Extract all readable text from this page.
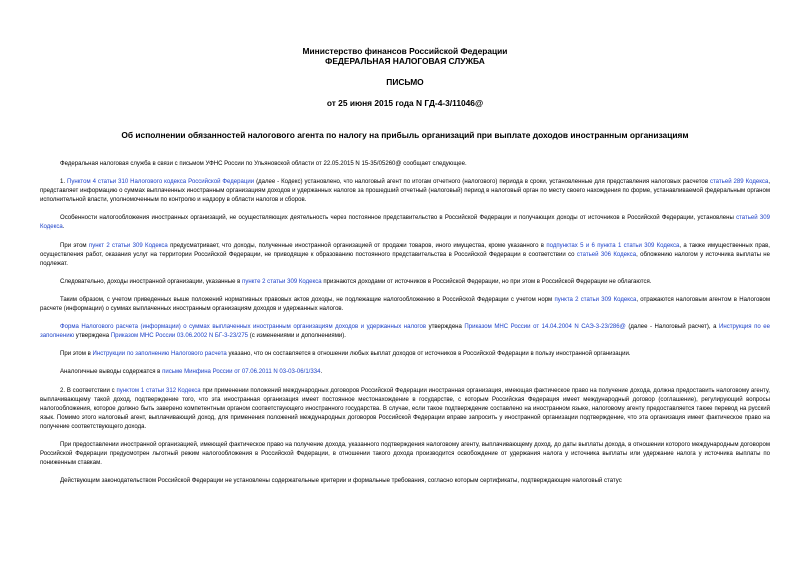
Министерство финансов Российской Федерации
ФЕДЕРАЛЬНАЯ НАЛОГОВАЯ СЛУЖБА
ПИСЬМО
от 25 июня 2015 года N ГД-4-3/11046@
Об исполнении обязанностей налогового агента по налогу на прибыль организаций при выплате доходов иностранным организациям

Федеральная налоговая служба в связи с письмом УФНС России по Ульяновской области от 22.05.2015 N 15-35/05260@ сообщает следующее.

1. Пунктом 4 статьи 310 Налогового кодекса Российской Федерации (далее - Кодекс) установлено, что налоговый агент по итогам отчетного (налогового) периода в сроки, установленные для представления налоговых расчетов статьей 289 Кодекса, представляет информацию о суммах выплаченных иностранным организациям доходов и удержанных налогов за прошедший отчетный (налоговый) период в налоговый орган по месту своего нахождения по форме, устанавливаемой федеральным органом исполнительной власти, уполномоченным по контролю и надзору в области налогов и сборов.

Особенности налогообложения иностранных организаций, не осуществляющих деятельность через постоянное представительство в Российской Федерации и получающих доходы от источников в Российской Федерации, установлены статьей 309 Кодекса.

При этом пункт 2 статьи 309 Кодекса предусматривает, что доходы, полученные иностранной организацией от продажи товаров, иного имущества, кроме указанного в подпунктах 5 и 6 пункта 1 статьи 309 Кодекса, а также имущественных прав, осуществления работ, оказания услуг на территории Российской Федерации, не приводящие к образованию постоянного представительства в Российской Федерации в соответствии со статьей 306 Кодекса, обложению налогом у источника выплаты не подлежат.

Следовательно, доходы иностранной организации, указанные в пункте 2 статьи 309 Кодекса признаются доходами от источников в Российской Федерации, но при этом в Российской Федерации не облагаются.

Таким образом, с учетом приведенных выше положений нормативных правовых актов доходы, не подлежащие налогообложению в Российской Федерации с учетом норм пункта 2 статьи 309 Кодекса, отражаются налоговым агентом в Налоговом расчете (информации) о суммах выплаченных иностранным организациям доходов и удержанных налогов.

Форма Налогового расчета (информации) о суммах выплаченных иностранным организациям доходов и удержанных налогов утверждена Приказом МНС России от 14.04.2004 N САЭ-3-23/286@ (далее - Налоговый расчет), а Инструкция по ее заполнению утверждена Приказом МНС России 03.06.2002 N БГ-3-23/275 (с изменениями и дополнениями).

При этом в Инструкции по заполнению Налогового расчета указано, что он составляется в отношении любых выплат доходов от источников в Российской Федерации в пользу иностранной организации.

Аналогичные выводы содержатся в письме Минфина России от 07.06.2011 N 03-03-06/1/334.

2. В соответствии с пунктом 1 статьи 312 Кодекса при применении положений международных договоров Российской Федерации иностранная организация, имеющая фактическое право на получение дохода, должна предоставить налоговому агенту, выплачивающему такой доход, подтверждение того, что эта иностранная организация имеет постоянное местонахождение в государстве, с которым Российская Федерация имеет международный договор (соглашение), регулирующий вопросы налогообложения, которое должно быть заверено компетентным органом соответствующего иностранного государства. В случае, если такое подтверждение составлено на иностранном языке, налоговому агенту предоставляется также перевод на русский язык. Помимо этого налоговый агент, выплачивающий доход, для применения положений международных договоров Российской Федерации вправе запросить у иностранной организации подтверждение, что эта организация имеет фактическое право на получение соответствующего дохода.

При предоставлении иностранной организацией, имеющей фактическое право на получение дохода, указанного подтверждения налоговому агенту, выплачивающему доход, до даты выплаты дохода, в отношении которого международным договором Российской Федерации предусмотрен льготный режим налогообложения в Российской Федерации, в отношении такого дохода производится освобождение от удержания налога у источника выплаты или удержание налога у источника выплаты по пониженным ставкам.

Действующим законодательством Российской Федерации не установлены содержательные критерии и формальные требования, согласно которым сертификаты, подтверждающие налоговый статус
